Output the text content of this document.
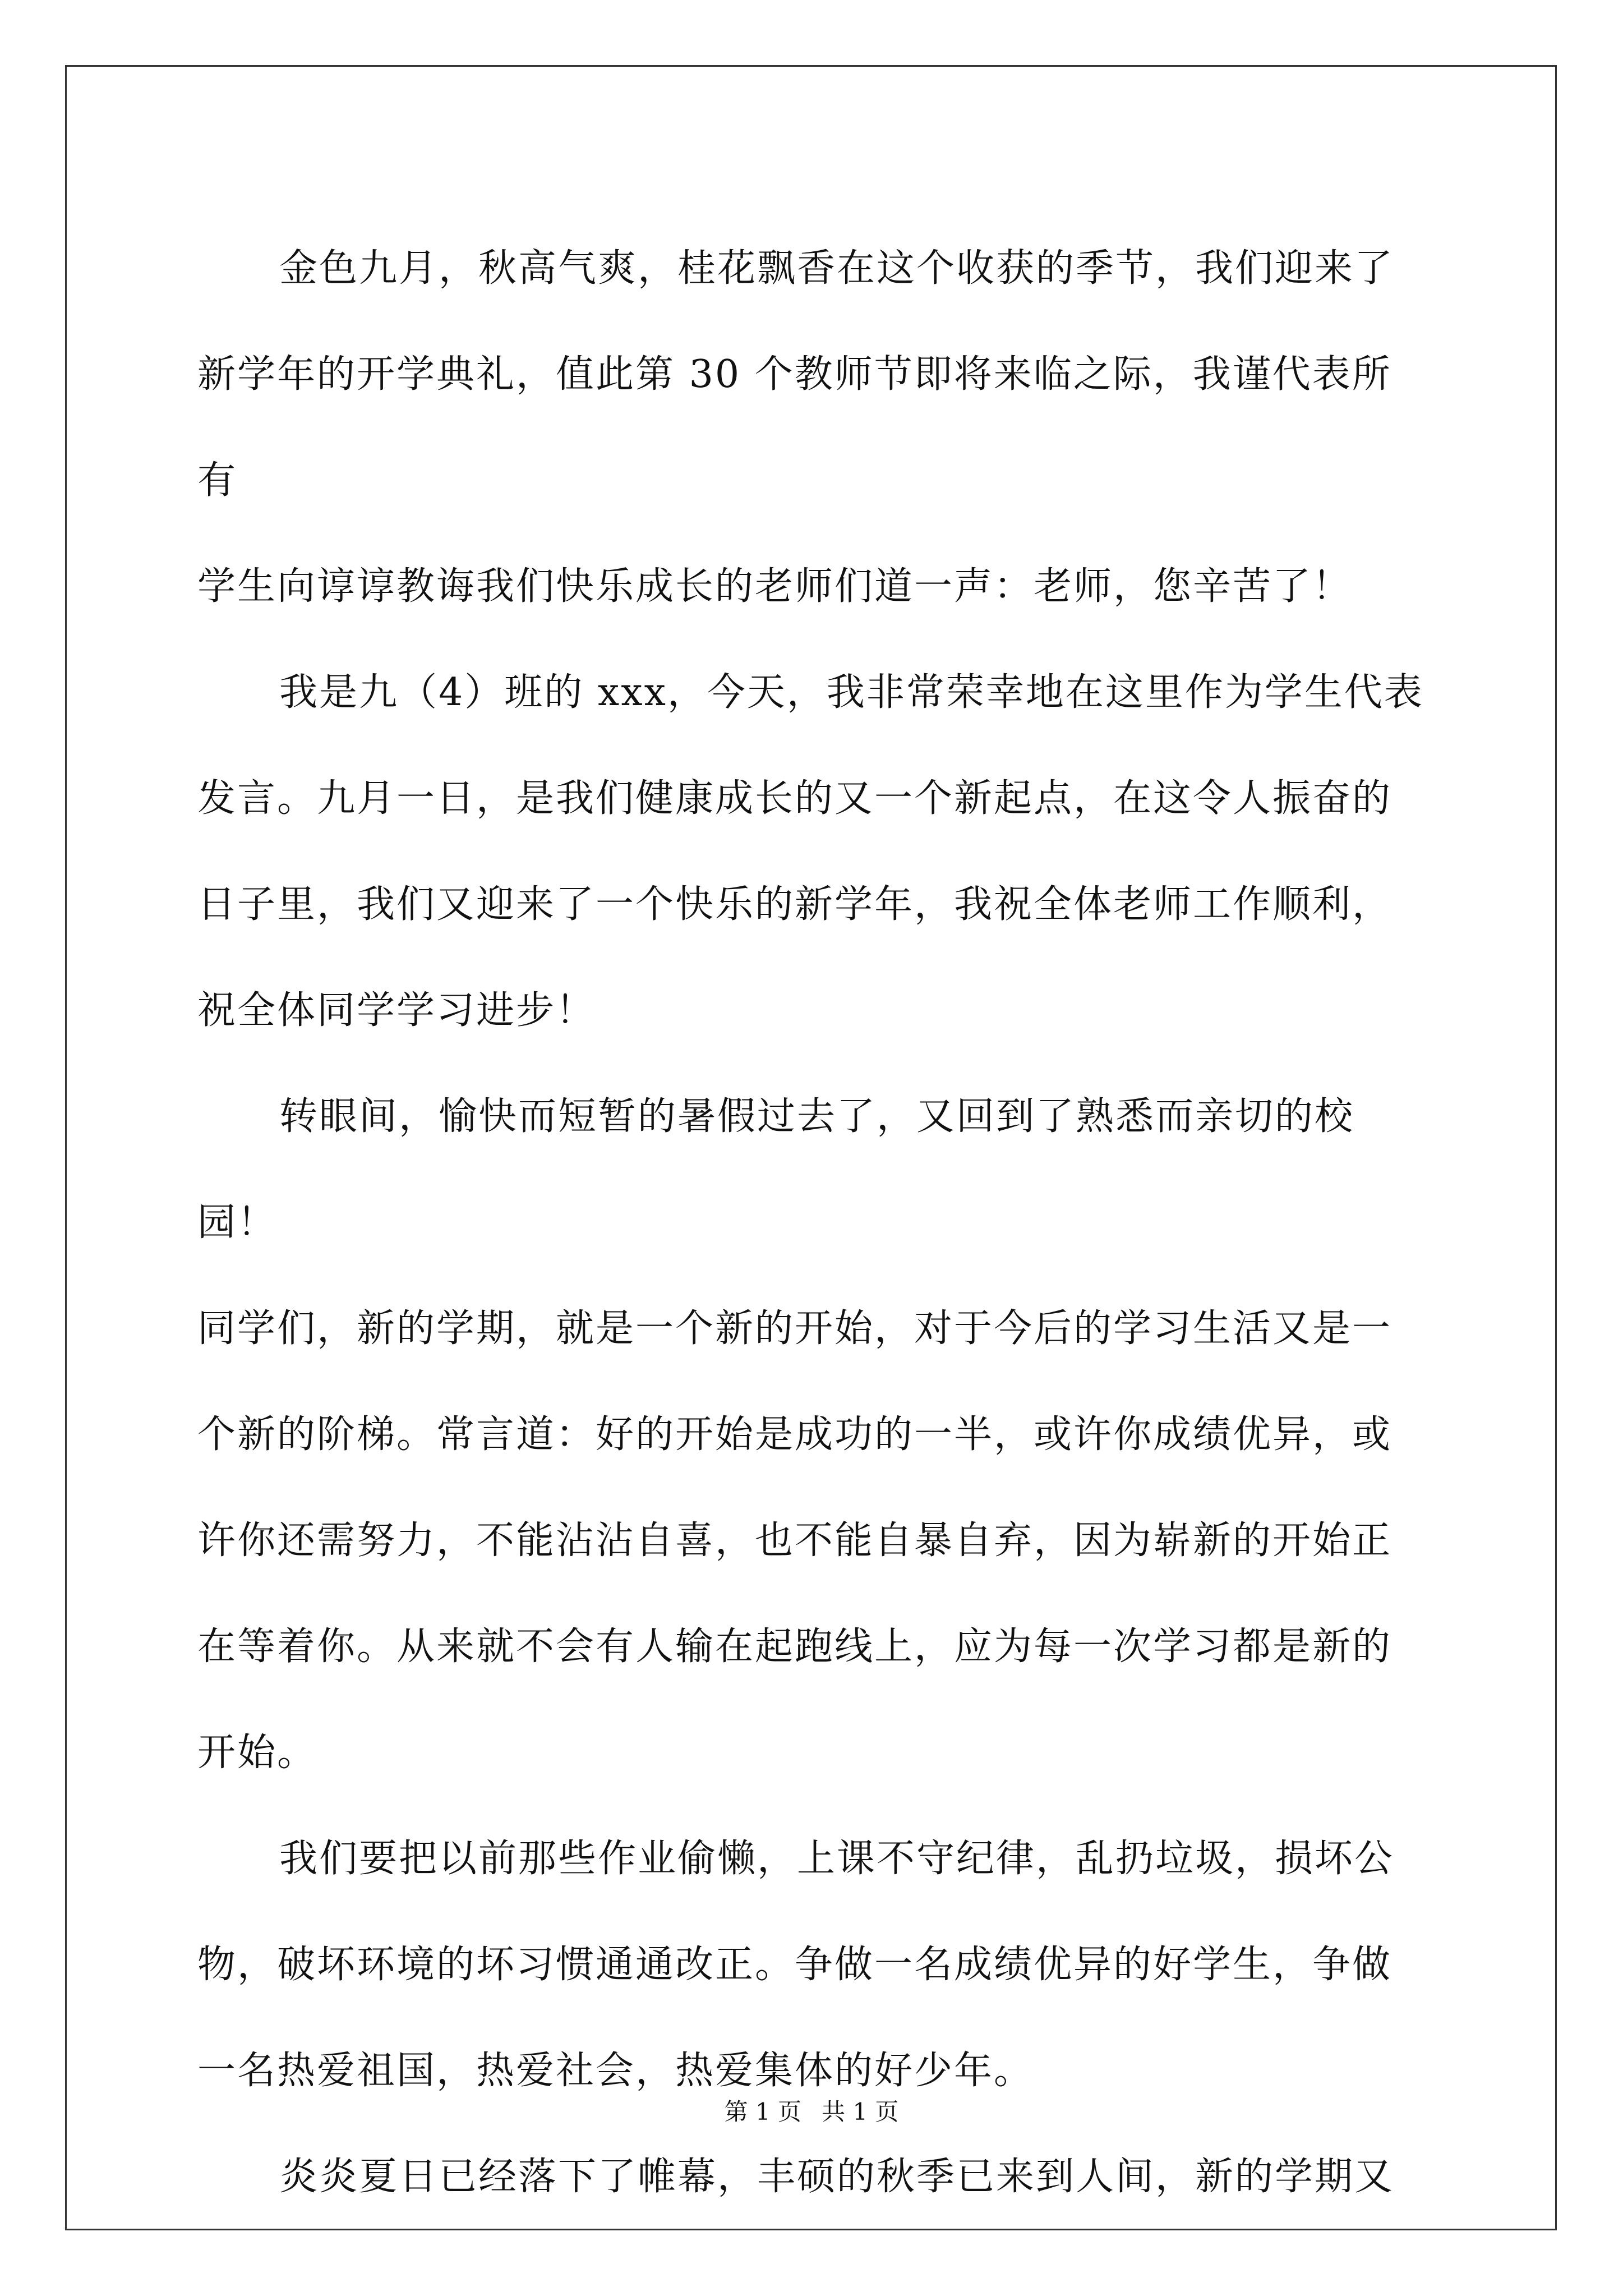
金色九月，秋高气爽，桂花飘香在这个收获的季节，我们迎来了
新学年的开学典礼，值此第 30 个教师节即将来临之际，我谨代表所有
学生向谆谆教诲我们快乐成长的老师们道一声：老师，您辛苦了！

我是九（4）班的 xxx，今天，我非常荣幸地在这里作为学生代表
发言。九月一日，是我们健康成长的又一个新起点，在这令人振奋的
日子里，我们又迎来了一个快乐的新学年，我祝全体老师工作顺利，
祝全体同学学习进步！

转眼间，愉快而短暂的暑假过去了，又回到了熟悉而亲切的校园！
同学们，新的学期，就是一个新的开始，对于今后的学习生活又是一
个新的阶梯。常言道：好的开始是成功的一半，或许你成绩优异，或
许你还需努力，不能沾沾自喜，也不能自暴自弃，因为崭新的开始正
在等着你。从来就不会有人输在起跑线上，应为每一次学习都是新的
开始。

我们要把以前那些作业偷懒，上课不守纪律，乱扔垃圾，损坏公
物，破坏环境的坏习惯通通改正。争做一名成绩优异的好学生，争做
一名热爱祖国，热爱社会，热爱集体的好少年。

炎炎夏日已经落下了帷幕，丰硕的秋季已来到人间，新的学期又

第 1 页 共 1 页
